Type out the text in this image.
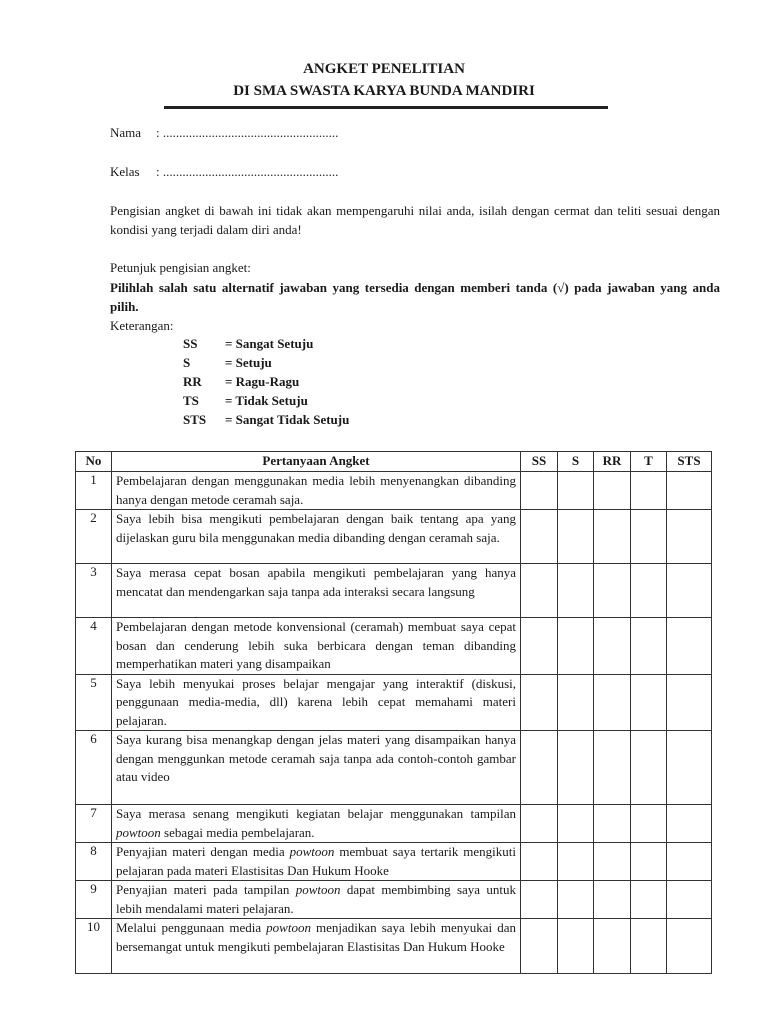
ANGKET PENELITIAN
DI SMA SWASTA KARYA BUNDA MANDIRI
Nama : ......................................................
Kelas : ......................................................
Pengisian angket di bawah ini tidak akan mempengaruhi nilai anda, isilah dengan cermat dan teliti sesuai dengan kondisi yang terjadi dalam diri anda!
Petunjuk pengisian angket:
Pilihlah salah satu alternatif jawaban yang tersedia dengan memberi tanda (√) pada jawaban yang anda pilih.
Keterangan:
SS = Sangat Setuju
S	= Setuju
RR = Ragu-Ragu
TS = Tidak Setuju
STS = Sangat Tidak Setuju
No	Pertanyaan Angket	SS	S	RR	T	STS
1	Pembelajaran dengan menggunakan media lebih menyenangkan dibanding hanya dengan metode ceramah saja.					
2	Saya lebih bisa mengikuti pembelajaran dengan baik tentang apa yang dijelaskan guru bila menggunakan media dibanding dengan ceramah saja.					
3	Saya merasa cepat bosan apabila mengikuti pembelajaran yang hanya mencatat dan mendengarkan saja tanpa ada interaksi secara langsung					
4	Pembelajaran dengan metode konvensional (ceramah) membuat saya cepat bosan dan cenderung lebih suka berbicara dengan teman dibanding memperhatikan materi yang disampaikan					
5	Saya lebih menyukai proses belajar mengajar yang interaktif (diskusi, penggunaan media-media, dll) karena lebih cepat memahami materi pelajaran.					
6	Saya kurang bisa menangkap dengan jelas materi yang disampaikan hanya dengan menggunkan metode ceramah saja tanpa ada contoh-contoh gambar atau video					
7	Saya merasa senang mengikuti kegiatan belajar menggunakan tampilan powtoon sebagai media pembelajaran.					
8	Penyajian materi dengan media powtoon membuat saya tertarik mengikuti pelajaran pada materi Elastisitas Dan Hukum Hooke					
9	Penyajian materi pada tampilan powtoon dapat membimbing saya untuk lebih mendalami materi pelajaran.					
10	Melalui penggunaan media powtoon menjadikan saya lebih menyukai dan bersemangat untuk mengikuti pembelajaran Elastisitas Dan Hukum Hooke					
